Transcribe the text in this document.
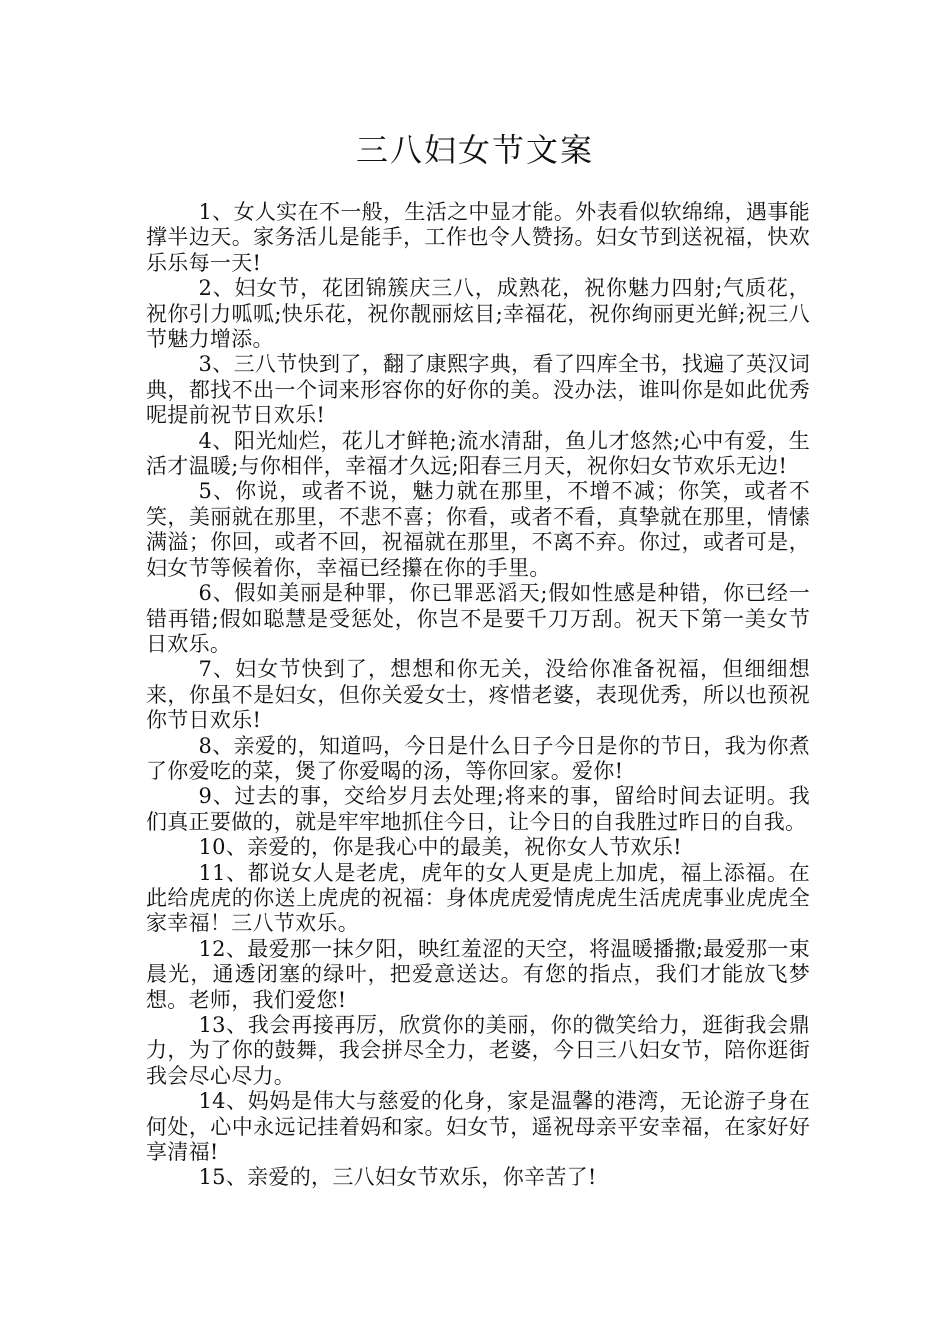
三八妇女节文案

1、女人实在不一般，生活之中显才能。外表看似软绵绵，遇事能撑半边天。家务活儿是能手，工作也令人赞扬。妇女节到送祝福，快欢乐乐每一天!

2、妇女节，花团锦簇庆三八，成熟花，祝你魅力四射;气质花，祝你引力呱呱;快乐花，祝你靓丽炫目;幸福花，祝你绚丽更光鲜;祝三八节魅力增添。

3、三八节快到了，翻了康熙字典，看了四库全书，找遍了英汉词典，都找不出一个词来形容你的好你的美。没办法，谁叫你是如此优秀呢提前祝节日欢乐!

4、阳光灿烂，花儿才鲜艳;流水清甜，鱼儿才悠然;心中有爱，生活才温暖;与你相伴，幸福才久远;阳春三月天，祝你妇女节欢乐无边!

5、你说，或者不说，魅力就在那里，不增不减；你笑，或者不笑，美丽就在那里，不悲不喜；你看，或者不看，真挚就在那里，情愫满溢；你回，或者不回，祝福就在那里，不离不弃。你过，或者可是，妇女节等候着你，幸福已经攥在你的手里。

6、假如美丽是种罪，你已罪恶滔天;假如性感是种错，你已经一错再错;假如聪慧是受惩处，你岂不是要千刀万刮。祝天下第一美女节日欢乐。

7、妇女节快到了，想想和你无关，没给你准备祝福，但细细想来，你虽不是妇女，但你关爱女士，疼惜老婆，表现优秀，所以也预祝你节日欢乐!

8、亲爱的，知道吗，今日是什么日子今日是你的节日，我为你煮了你爱吃的菜，煲了你爱喝的汤，等你回家。爱你!

9、过去的事，交给岁月去处理;将来的事，留给时间去证明。我们真正要做的，就是牢牢地抓住今日，让今日的自我胜过昨日的自我。

10、亲爱的，你是我心中的最美，祝你女人节欢乐!

11、都说女人是老虎，虎年的女人更是虎上加虎，福上添福。在此给虎虎的你送上虎虎的祝福：身体虎虎爱情虎虎生活虎虎事业虎虎全家幸福！三八节欢乐。

12、最爱那一抹夕阳，映红羞涩的天空，将温暖播撒;最爱那一束晨光，通透闭塞的绿叶，把爱意送达。有您的指点，我们才能放飞梦想。老师，我们爱您!

13、我会再接再厉，欣赏你的美丽，你的微笑给力，逛街我会鼎力，为了你的鼓舞，我会拼尽全力，老婆，今日三八妇女节，陪你逛街我会尽心尽力。

14、妈妈是伟大与慈爱的化身，家是温馨的港湾，无论游子身在何处，心中永远记挂着妈和家。妇女节，遥祝母亲平安幸福，在家好好享清福!

15、亲爱的，三八妇女节欢乐，你辛苦了!
